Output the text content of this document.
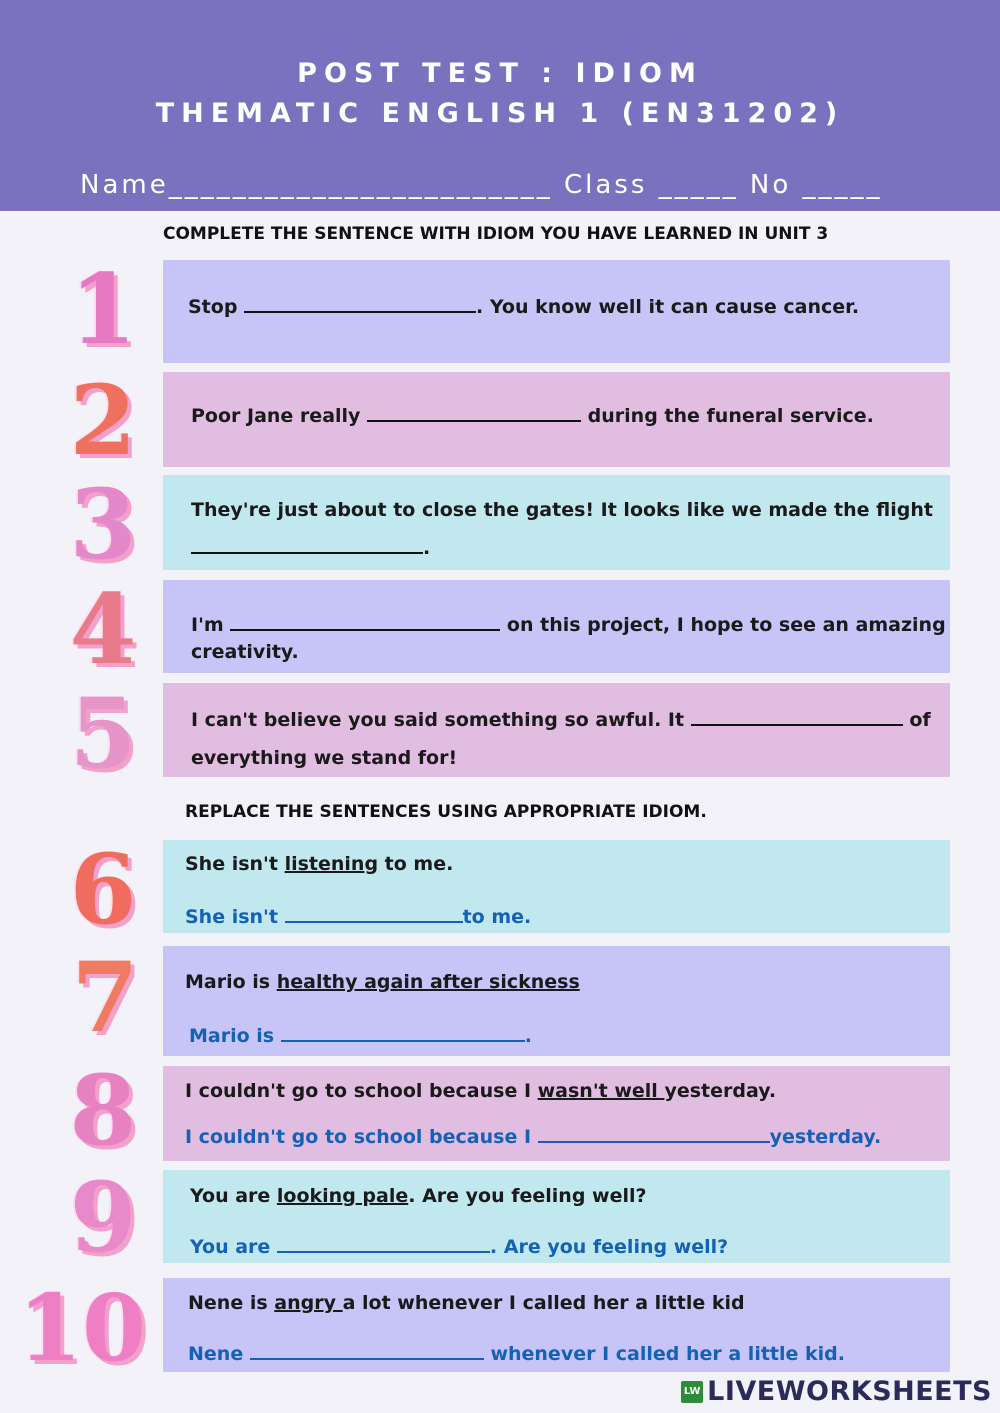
POST TEST : IDIOM
THEMATIC ENGLISH 1 (EN31202)
Name________________________ Class _____ No _____
COMPLETE THE SENTENCE WITH IDIOM YOU HAVE LEARNED IN UNIT 3
1
2
3
4
5
6
7
8
9
10
Stop	. You know well it can cause cancer.
Poor Jane really	during the funeral service.
They're just about to close the gates! It looks like we made the flight
.
I'm	on this project, I hope to see an amazing
creativity.
I can't believe you said something so awful. It	of
everything we stand for!
REPLACE THE SENTENCES USING APPROPRIATE IDIOM.
She isn't listening to me.
She isn't	to me.
Mario is healthy again after sickness
Mario is	.
I couldn't go to school because I wasn't well yesterday.
I couldn't go to school because I	yesterday.
You are looking pale. Are you feeling well?
You are	. Are you feeling well?
Nene is angry a lot whenever I called her a little kid
Nene	whenever I called her a little kid.
LW LIVEWORKSHEETS
